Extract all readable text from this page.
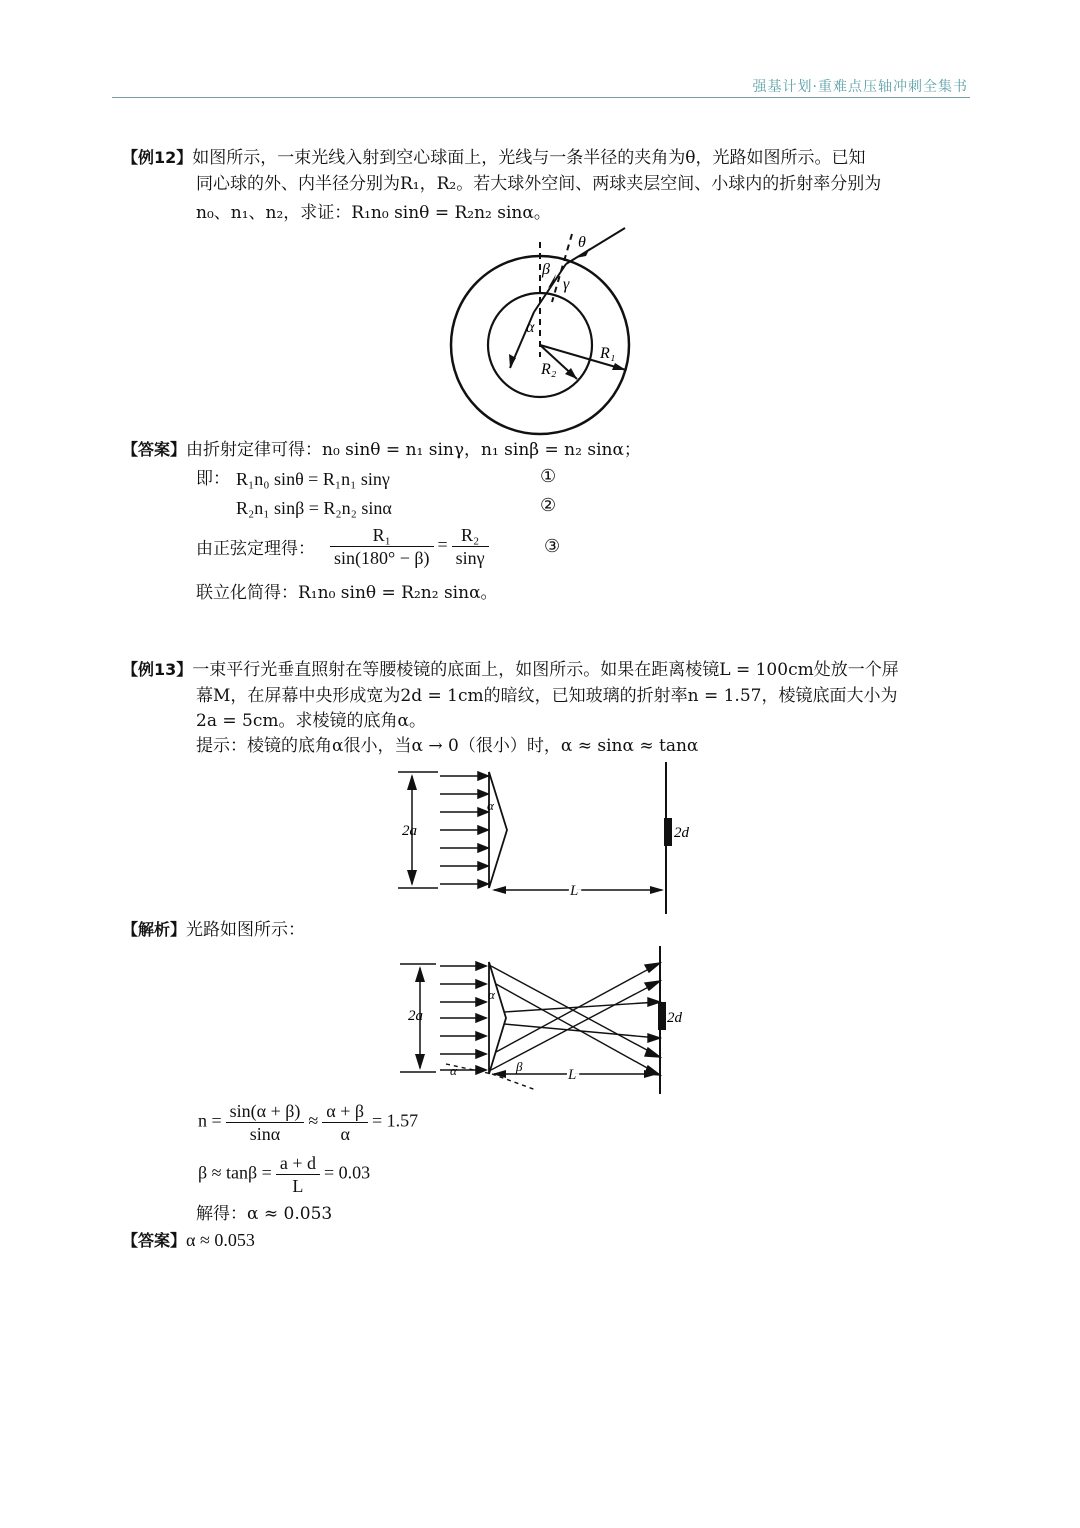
强基计划·重难点压轴冲刺全集书
【例12】如图所示，一束光线入射到空心球面上，光线与一条半径的夹角为θ，光路如图所示。已知
同心球的外、内半径分别为R₁，R₂。若大球外空间、两球夹层空间、小球内的折射率分别为
n₀、n₁、n₂，求证：R₁n₀ sinθ = R₂n₂ sinα。
θ
β
γ
α
R₁
R₂
【答案】由折射定律可得：n₀ sinθ = n₁ sinγ，n₁ sinβ = n₂ sinα；
即： R₁n₀ sinθ = R₁n₁ sinγ	①
R₂n₁ sinβ = R₂n₂ sinα	②
由正弦定理得： $\frac{\text{R₁}}{\sin(180^\circ - \beta)} = \frac{\text{R₂}}{\sin\gamma}$	③
联立化简得：R₁n₀ sinθ = R₂n₂ sinα。
【例13】一束平行光垂直照射在等腰棱镜的底面上，如图所示。如果在距离棱镜L = 100cm处放一个屏
幕M，在屏幕中央形成宽为2d = 1cm的暗纹，已知玻璃的折射率n = 1.57，棱镜底面大小为
2a = 5cm。求棱镜的底角α。
提示：棱镜的底角α很小，当α → 0（很小）时，α ≈ sinα ≈ tanα
2a
α
2d
L
【解析】光路如图所示：
2a
α
α	β
2d
L
$n = \frac{\sin(\alpha + \beta)}{\sin\alpha} \approx \frac{\alpha + \beta}{\alpha} = 1.57$
$\beta \approx \tan\beta = \frac{a + d}{L} = 0.03$
解得：α ≈ 0.053
【答案】α ≈ 0.053
